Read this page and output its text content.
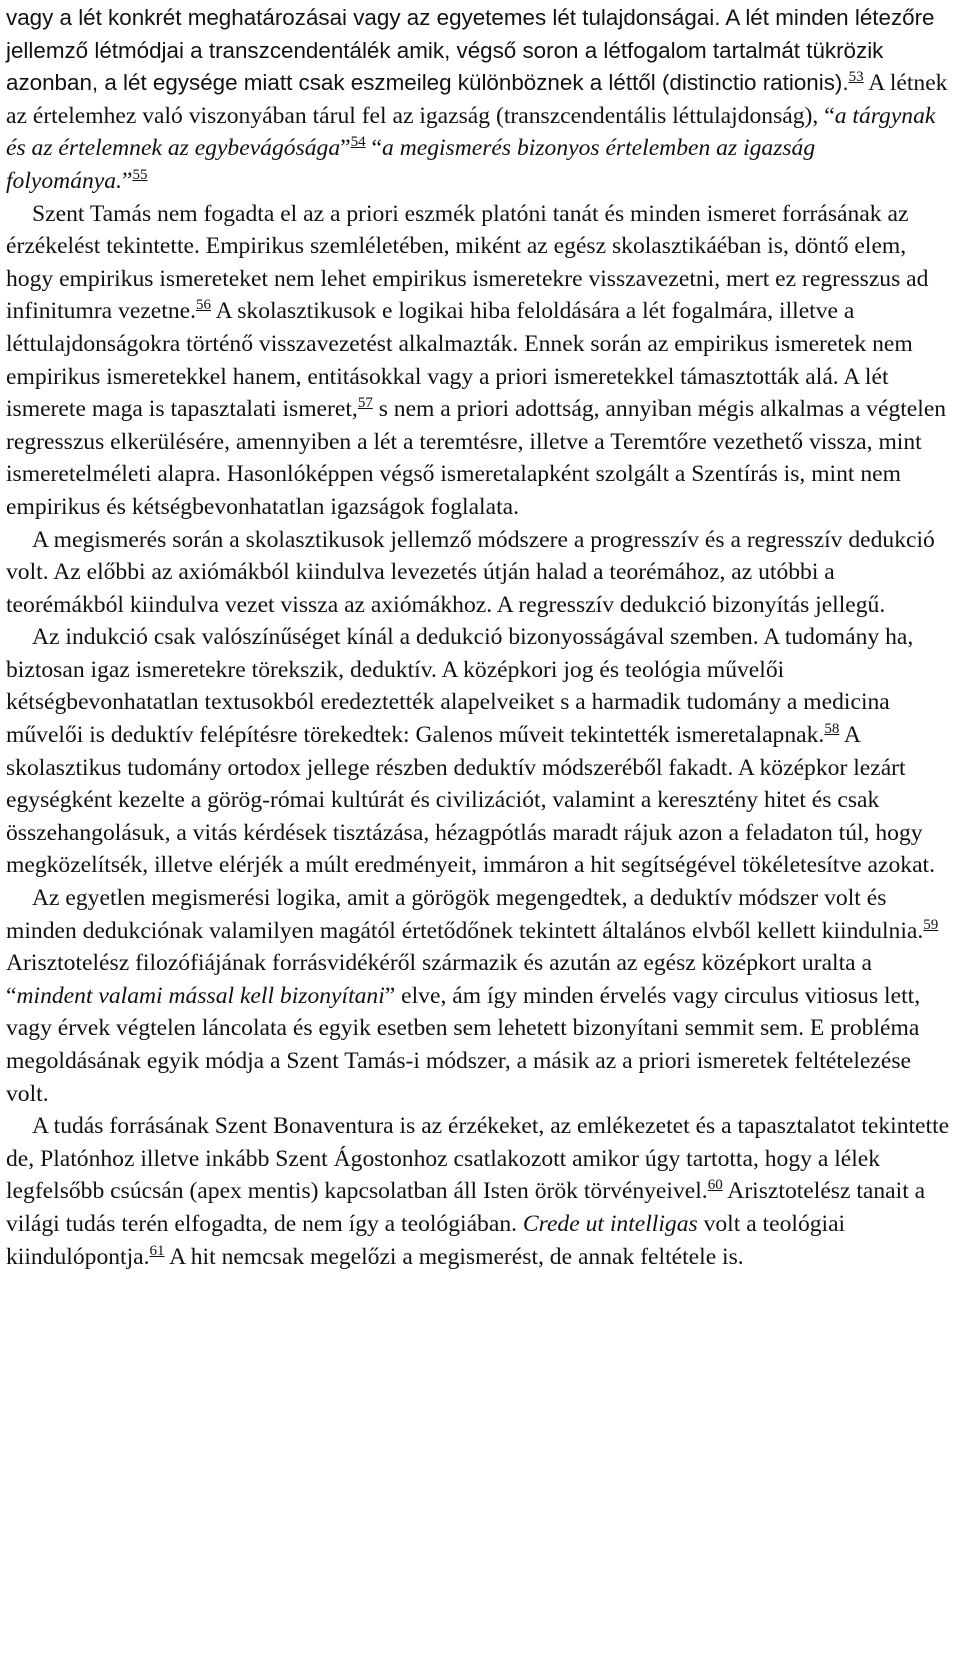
vagy a lét konkrét meghatározásai vagy az egyetemes lét tulajdonságai. A lét minden létezőre jellemző létmódjai a transzcendentálék amik, végső soron a létfogalom tartalmát tükrözik azonban, a lét egysége miatt csak eszmeileg különböznek a léttől (distinctio rationis).$^{53}$ A létnek az értelemhez való viszonyában tárul fel az igazság (transzcendentális léttulajdonság), “a tárgynak és az értelemnek az egybevágósága”$^{54}$ “a megismerés bizonyos értelemben az igazság folyománya.”$^{55}$

Szent Tamás nem fogadta el az a priori eszmék platóni tanát és minden ismeret forrásának az érzékelést tekintette. Empirikus szemléletében, miként az egész skolasztikáéban is, döntő elem, hogy empirikus ismereteket nem lehet empirikus ismeretekre visszavezetni, mert ez regresszus ad infinitumra vezetne.$^{56}$ A skolasztikusok e logikai hiba feloldására a lét fogalmára, illetve a léttulajdonságokra történő visszavezetést alkalmazták. Ennek során az empirikus ismeretek nem empirikus ismeretekkel hanem, entitásokkal vagy a priori ismeretekkel támasztották alá. A lét ismerete maga is tapasztalati ismeret,$^{57}$ s nem a priori adottság, annyiban mégis alkalmas a végtelen regresszus elkerülésére, amennyiben a lét a teremtésre, illetve a Teremtőre vezethető vissza, mint ismeretelméleti alapra. Hasonlóképpen végső ismeretalapként szolgált a Szentírás is, mint nem empirikus és kétségbevonhatatlan igazságok foglalata.

A megismerés során a skolasztikusok jellemző módszere a progresszív és a regresszív dedukció volt. Az előbbi az axiómákból kiindulva levezetés útján halad a teorémához, az utóbbi a teorémákból kiindulva vezet vissza az axiómákhoz. A regresszív dedukció bizonyítás jellegű.

Az indukció csak valószínűséget kínál a dedukció bizonyosságával szemben. A tudomány ha, biztosan igaz ismeretekre törekszik, deduktív. A középkori jog és teológia művelői kétségbevonhatatlan textusokból eredeztették alapelveiket s a harmadik tudomány a medicina művelői is deduktív felépítésre törekedtek: Galenos műveit tekintették ismeretalapnak.$^{58}$ A skolasztikus tudomány ortodox jellege részben deduktív módszeréből fakadt. A középkor lezárt egységként kezelte a görög-római kultúrát és civilizációt, valamint a keresztény hitet és csak összehangolásuk, a vitás kérdések tisztázása, hézagpótlás maradt rájuk azon a feladaton túl, hogy megközelítsék, illetve elérjék a múlt eredményeit, immáron a hit segítségével tökéletesítve azokat.

Az egyetlen megismerési logika, amit a görögök megengedtek, a deduktív módszer volt és minden dedukciónak valamilyen magától értetődőnek tekintett általános elvből kellett kiindulnia.$^{59}$ Arisztotelész filozófiájának forrásvidékéről származik és azután az egész középkort uralta a “mindent valami mással kell bizonyítani” elve, ám így minden érvelés vagy circulus vitiosus lett, vagy érvek végtelen láncolata és egyik esetben sem lehetett bizonyítani semmit sem. E probléma megoldásának egyik módja a Szent Tamás-i módszer, a másik az a priori ismeretek feltételezése volt.

A tudás forrásának Szent Bonaventura is az érzékeket, az emlékezetet és a tapasztalatot tekintette de, Platónhoz illetve inkább Szent Ágostonhoz csatlakozott amikor úgy tartotta, hogy a lélek legfelsőbb csúcsán (apex mentis) kapcsolatban áll Isten örök törvényeivel.$^{60}$ Arisztotelész tanait a világi tudás terén elfogadta, de nem így a teológiában. Crede ut intelligas volt a teológiai kiindulópontja.$^{61}$ A hit nemcsak megelőzi a megismerést, de annak feltétele is.
